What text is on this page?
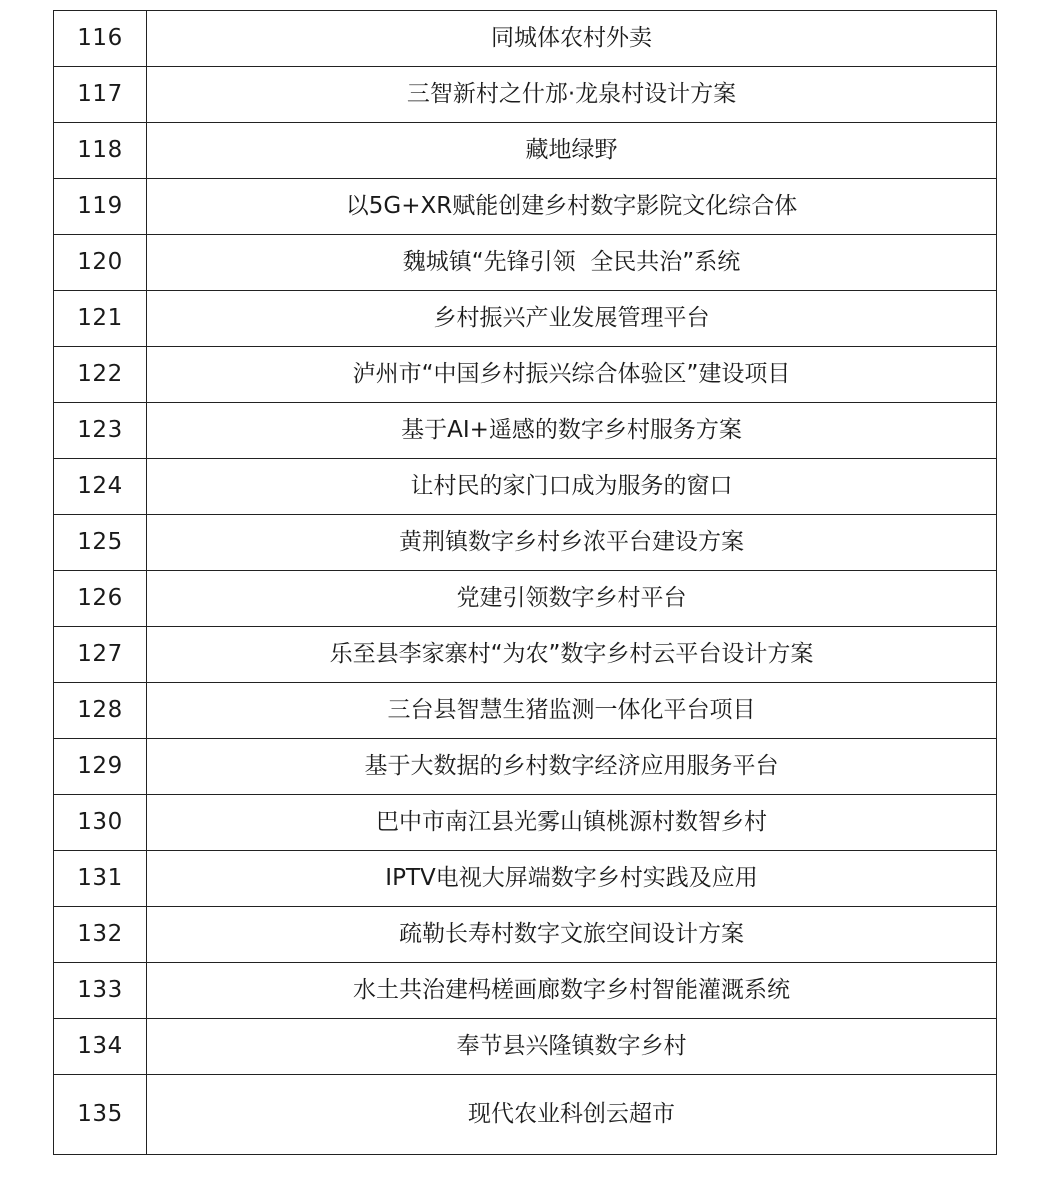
116	同城体农村外卖
117	三智新村之什邡·龙泉村设计方案
118	藏地绿野
119	以5G+XR赋能创建乡村数字影院文化综合体
120	魏城镇“先锋引领  全民共治”系统
121	乡村振兴产业发展管理平台
122	泸州市“中国乡村振兴综合体验区”建设项目
123	基于AI+遥感的数字乡村服务方案
124	让村民的家门口成为服务的窗口
125	黄荆镇数字乡村乡浓平台建设方案
126	党建引领数字乡村平台
127	乐至县李家寨村“为农”数字乡村云平台设计方案
128	三台县智慧生猪监测一体化平台项目
129	基于大数据的乡村数字经济应用服务平台
130	巴中市南江县光雾山镇桃源村数智乡村
131	IPTV电视大屏端数字乡村实践及应用
132	疏勒长寿村数字文旅空间设计方案
133	水土共治建杩槎画廊数字乡村智能灌溉系统
134	奉节县兴隆镇数字乡村
135	现代农业科创云超市
